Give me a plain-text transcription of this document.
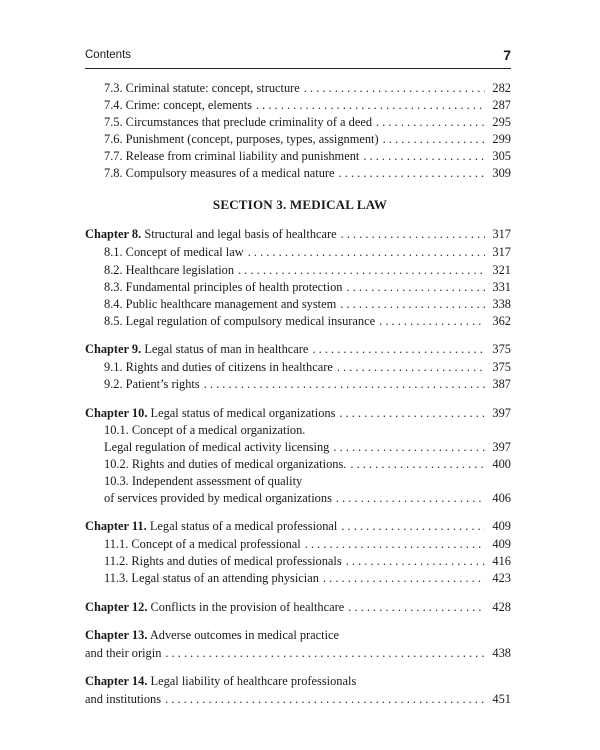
Contents	7
7.3. Criminal statute: concept, structure . . .	282
7.4. Crime: concept, elements . . .	287
7.5. Circumstances that preclude criminality of a deed . . .	295
7.6. Punishment (concept, purposes, types, assignment) . . .	299
7.7. Release from criminal liability and punishment . . .	305
7.8. Compulsory measures of a medical nature . . .	309
SECTION 3. MEDICAL LAW
Chapter 8. Structural and legal basis of healthcare . . .	317
8.1. Concept of medical law . . .	317
8.2. Healthcare legislation . . .	321
8.3. Fundamental principles of health protection . . .	331
8.4. Public healthcare management and system . . .	338
8.5. Legal regulation of compulsory medical insurance . . .	362
Chapter 9. Legal status of man in healthcare . . .	375
9.1. Rights and duties of citizens in healthcare . . .	375
9.2. Patient’s rights . . .	387
Chapter 10. Legal status of medical organizations . . .	397
10.1. Concept of a medical organization.
Legal regulation of medical activity licensing . . .	397
10.2. Rights and duties of medical organizations. . . .	400
10.3. Independent assessment of quality
of services provided by medical organizations . . .	406
Chapter 11. Legal status of a medical professional . . .	409
11.1. Concept of a medical professional . . .	409
11.2. Rights and duties of medical professionals . . .	416
11.3. Legal status of an attending physician . . .	423
Chapter 12. Conflicts in the provision of healthcare . . .	428
Chapter 13. Adverse outcomes in medical practice
and their origin . . .	438
Chapter 14. Legal liability of healthcare professionals
and institutions . . .	451
